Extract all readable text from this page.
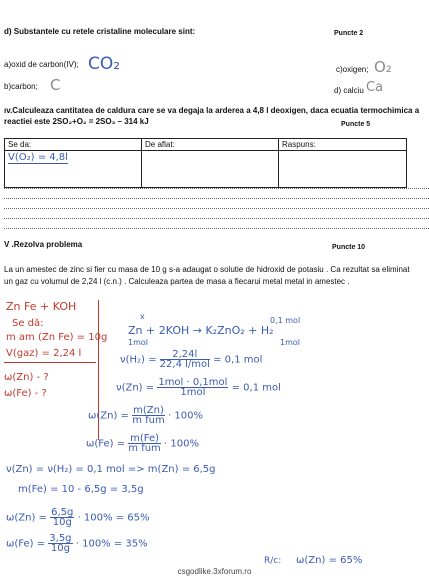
d) Substantele cu retele cristaline moleculare sint:	Puncte 2
a)oxid de carbon(IV); CO₂	c)oxigen; O₂
b)carbon; C	d) calciu Ca
ıv.Calculeaza cantitatea de caldura care se va degaja la arderea a 4,8 l deoxigen, daca ecuatia termochimica a
reactiei este 2SO₂+O₂ = 2SO₃ – 314 kJ	Puncte 5
Se da:	De aflat:	Raspuns:
V(O₂) = 4,8l		
V .Rezolva problema	Puncte 10
La un amestec de zinc si fier cu masa de 10 g s-a adaugat o solutie de hidroxid de potasiu . Ca rezultat sa eliminat
un gaz cu volumul de 2,24 l (c.n.) . Calculeaza partea de masa a fiecarui metal metal in amestec .
Zn Fe + KOH
Se dă:
m am (Zn Fe) = 10g
V(gaz) = 2,24 l
ω(Zn) - ?
ω(Fe) - ?
x
1mol
0,1 mol
1mol
Zn + 2KOH → K₂ZnO₂ + H₂
$\nu(H_2) = \frac{2,24l}{\text{22,4 l/mol}} = 0,1$ mol
$\nu(Zn) = \frac{\text{1mol · 0,1mol}}{\text{1mol}} = 0,1$ mol
$\omega(Zn) = \frac{m(Zn)}{\text{m fum}} \cdot 100\%$
$\omega(Fe) = \frac{m(Fe)}{\text{m fum}} \cdot 100\%$
ν(Zn) = ν(H₂) = 0,1 mol => m(Zn) = 6,5g
m(Fe) = 10 - 6,5g = 3,5g
$\omega(Zn) = \frac{6,5g}{10g} \cdot 100\% = 65\%$
$\omega(Fe) = \frac{3,5g}{10g} \cdot 100\% = 35\%$
R/c: ω(Zn) = 65%
csgodlike.3xforum.ro
